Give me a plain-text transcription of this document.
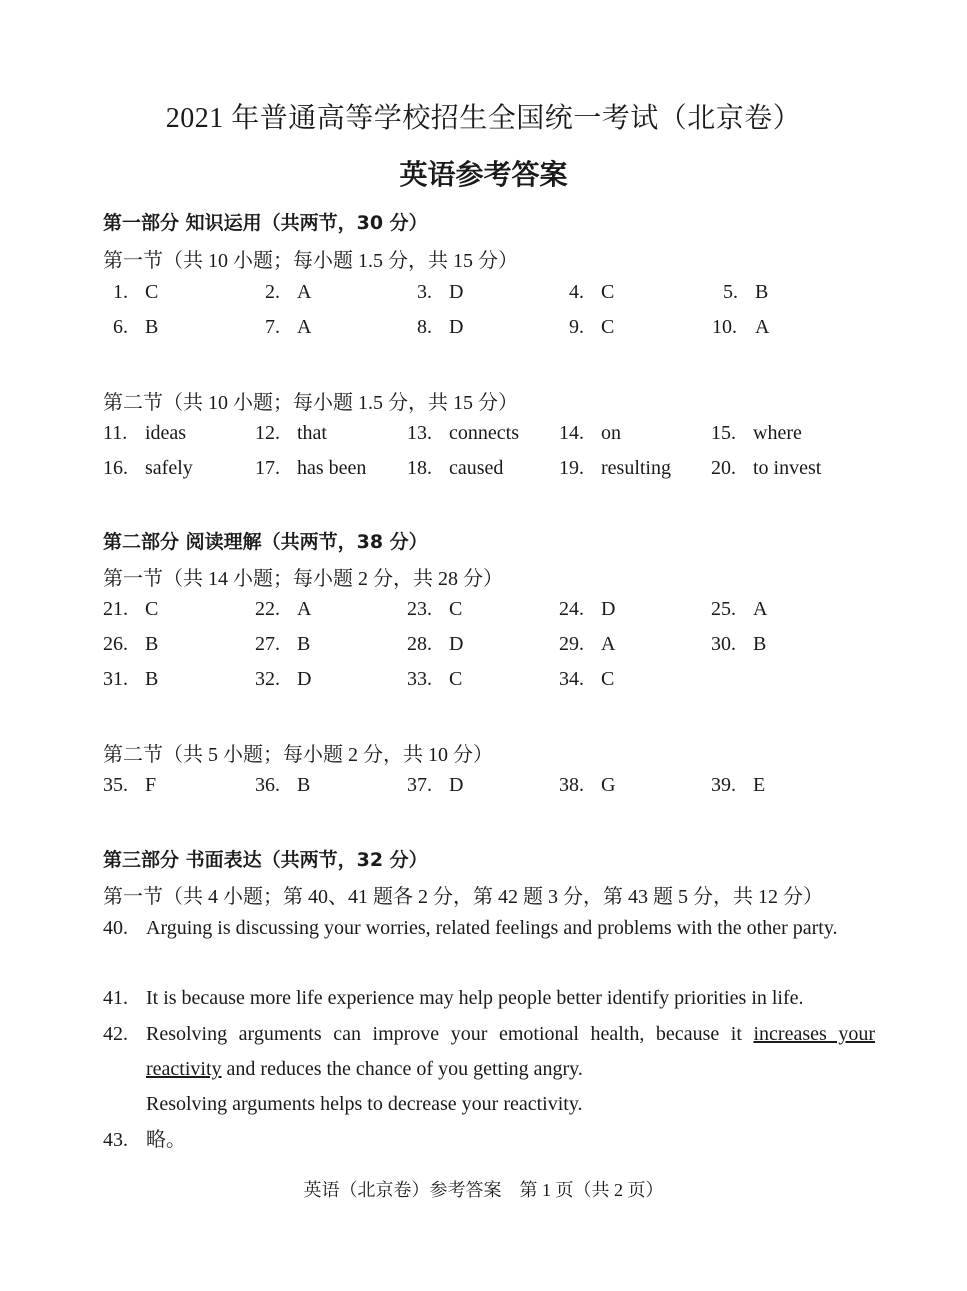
2021 年普通高等学校招生全国统一考试（北京卷）
英语参考答案
第一部分 知识运用（共两节，30 分）
第一节（共 10 小题；每小题 1.5 分，共 15 分）
1. C	2. A	3. D	4. C	5. B
6. B	7. A	8. D	9. C	10. A
第二节（共 10 小题；每小题 1.5 分，共 15 分）
11. ideas	12. that	13. connects 14. on	15. where
16. safely	17. has been 18. caused	19. resulting 20. to invest
第二部分 阅读理解（共两节，38 分）
第一节（共 14 小题；每小题 2 分，共 28 分）
21. C	22. A	23. C	24. D	25. A
26. B	27. B	28. D	29. A	30. B
31. B	32. D	33. C	34. C
第二节（共 5 小题；每小题 2 分，共 10 分）
35. F	36. B	37. D	38. G	39. E
第三部分 书面表达（共两节，32 分）
第一节（共 4 小题；第 40、41 题各 2 分，第 42 题 3 分，第 43 题 5 分，共 12 分）
40. Arguing is discussing your worries, related feelings and problems with the other party.
41. It is because more life experience may help people better identify priorities in life.
42. Resolving arguments can improve your emotional health, because it increases your reactivity and reduces the chance of you getting angry.
Resolving arguments helps to decrease your reactivity.
43. 略。
英语（北京卷）参考答案　第 1 页（共 2 页）
